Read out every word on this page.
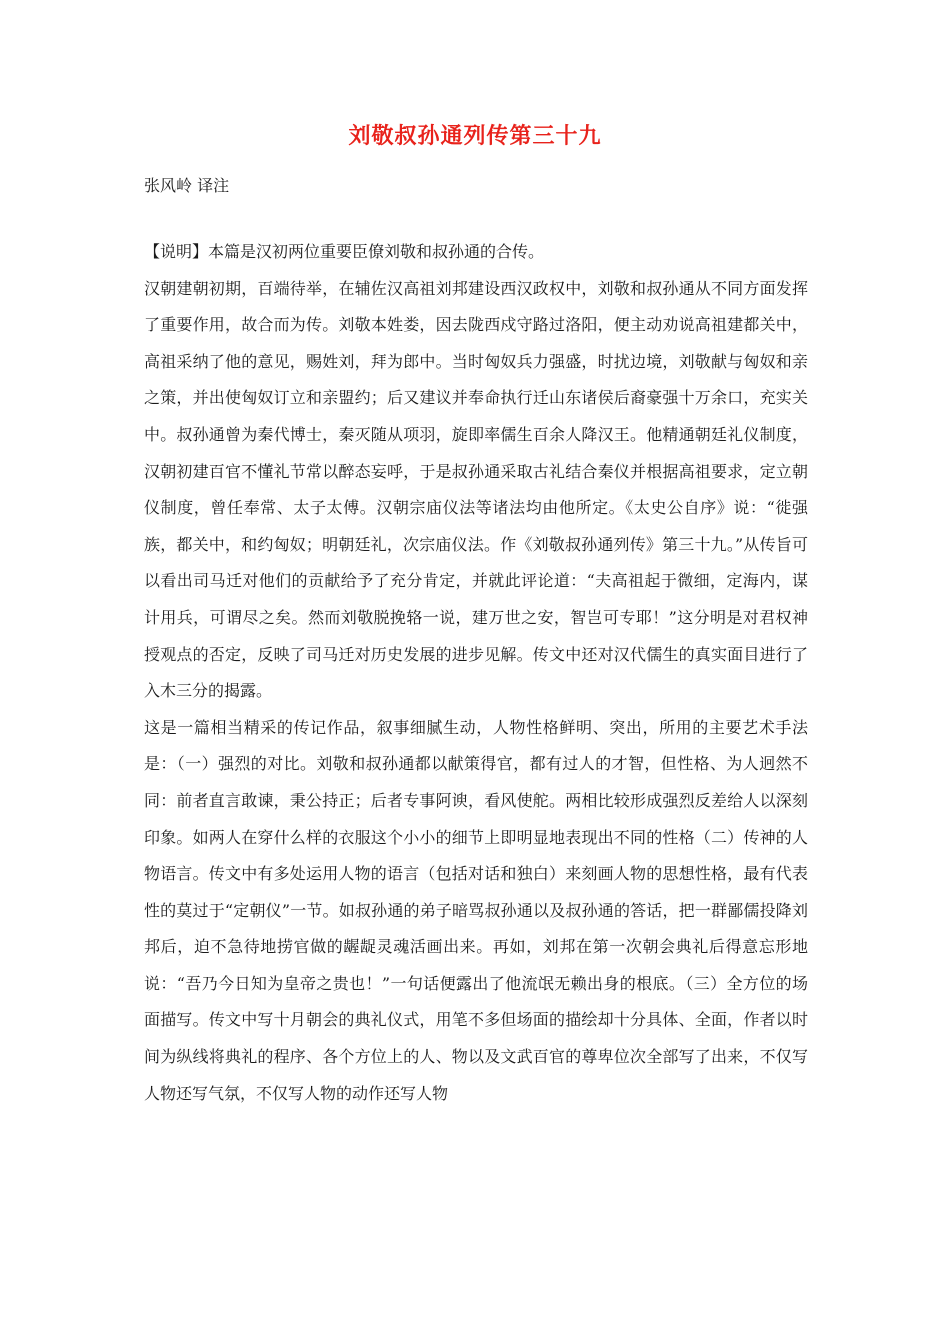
刘敬叔孙通列传第三十九

张风岭 译注

【说明】本篇是汉初两位重要臣僚刘敬和叔孙通的合传。

汉朝建朝初期，百端待举，在辅佐汉高祖刘邦建设西汉政权中，刘敬和叔孙通从不同方面发挥了重要作用，故合而为传。刘敬本姓娄，因去陇西戍守路过洛阳，便主动劝说高祖建都关中，高祖采纳了他的意见，赐姓刘，拜为郎中。当时匈奴兵力强盛，时扰边境，刘敬献与匈奴和亲之策，并出使匈奴订立和亲盟约；后又建议并奉命执行迁山东诸侯后裔豪强十万余口，充实关中。叔孙通曾为秦代博士，秦灭随从项羽，旋即率儒生百余人降汉王。他精通朝廷礼仪制度，汉朝初建百官不懂礼节常以醉态妄呼，于是叔孙通采取古礼结合秦仪并根据高祖要求，定立朝仪制度，曾任奉常、太子太傅。汉朝宗庙仪法等诸法均由他所定。《太史公自序》说：“徙强族，都关中，和约匈奴；明朝廷礼，次宗庙仪法。作《刘敬叔孙通列传》第三十九。”从传旨可以看出司马迁对他们的贡献给予了充分肯定，并就此评论道：“夫高祖起于微细，定海内，谋计用兵，可谓尽之矣。然而刘敬脱挽辂一说，建万世之安，智岂可专耶！”这分明是对君权神授观点的否定，反映了司马迁对历史发展的进步见解。传文中还对汉代儒生的真实面目进行了入木三分的揭露。

这是一篇相当精采的传记作品，叙事细腻生动，人物性格鲜明、突出，所用的主要艺术手法是：（一）强烈的对比。刘敬和叔孙通都以献策得官，都有过人的才智，但性格、为人迥然不同：前者直言敢谏，秉公持正；后者专事阿谀，看风使舵。两相比较形成强烈反差给人以深刻印象。如两人在穿什么样的衣服这个小小的细节上即明显地表现出不同的性格（二）传神的人物语言。传文中有多处运用人物的语言（包括对话和独白）来刻画人物的思想性格，最有代表性的莫过于“定朝仪”一节。如叔孙通的弟子暗骂叔孙通以及叔孙通的答话，把一群鄙儒投降刘邦后，迫不急待地捞官做的龌龊灵魂活画出来。再如，刘邦在第一次朝会典礼后得意忘形地说：“吾乃今日知为皇帝之贵也！”一句话便露出了他流氓无赖出身的根底。（三）全方位的场面描写。传文中写十月朝会的典礼仪式，用笔不多但场面的描绘却十分具体、全面，作者以时间为纵线将典礼的程序、各个方位上的人、物以及文武百官的尊卑位次全部写了出来，不仅写人物还写气氛，不仅写人物的动作还写人物
